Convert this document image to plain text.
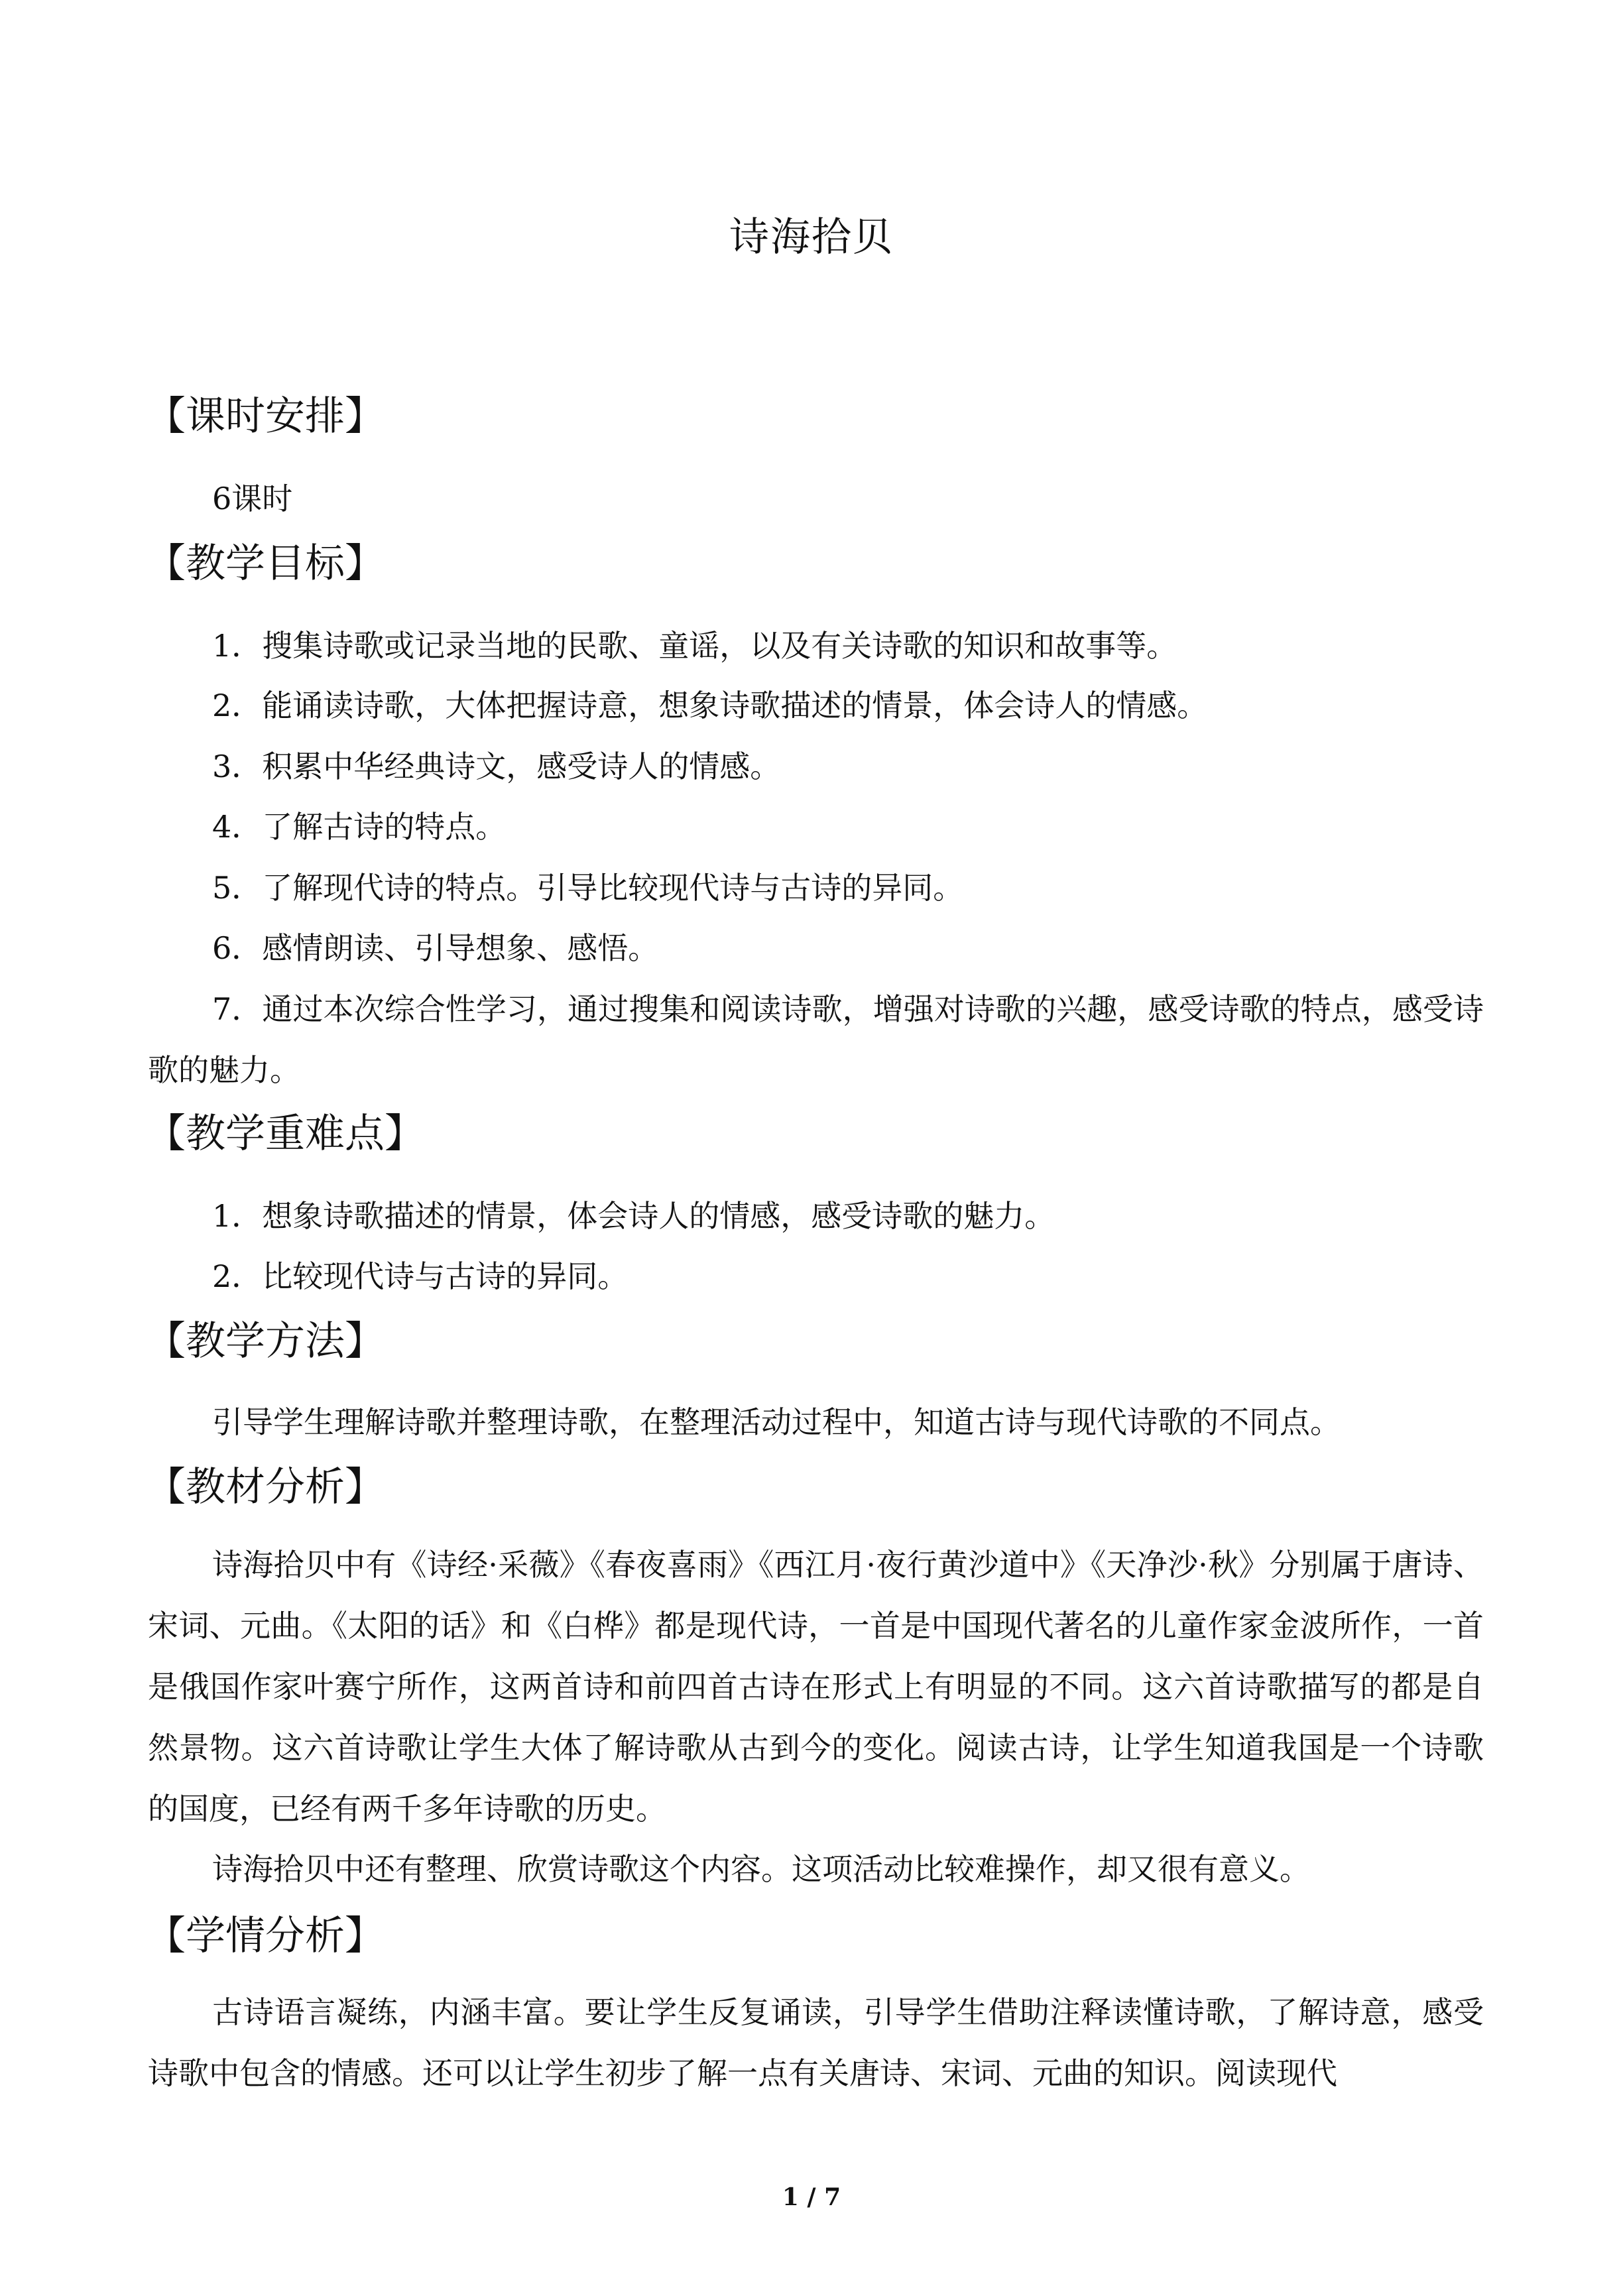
诗海拾贝
【课时安排】
6课时
【教学目标】
1．搜集诗歌或记录当地的民歌、童谣，以及有关诗歌的知识和故事等。
2．能诵读诗歌，大体把握诗意，想象诗歌描述的情景，体会诗人的情感。
3．积累中华经典诗文，感受诗人的情感。
4．了解古诗的特点。
5．了解现代诗的特点。引导比较现代诗与古诗的异同。
6．感情朗读、引导想象、感悟。
7．通过本次综合性学习，通过搜集和阅读诗歌，增强对诗歌的兴趣，感受诗歌的特点，感受诗歌的魅力。
【教学重难点】
1．想象诗歌描述的情景，体会诗人的情感，感受诗歌的魅力。
2．比较现代诗与古诗的异同。
【教学方法】
引导学生理解诗歌并整理诗歌，在整理活动过程中，知道古诗与现代诗歌的不同点。
【教材分析】
诗海拾贝中有《诗经·采薇》《春夜喜雨》《西江月·夜行黄沙道中》《天净沙·秋》分别属于唐诗、宋词、元曲。《太阳的话》和《白桦》都是现代诗，一首是中国现代著名的儿童作家金波所作，一首是俄国作家叶赛宁所作，这两首诗和前四首古诗在形式上有明显的不同。这六首诗歌描写的都是自然景物。这六首诗歌让学生大体了解诗歌从古到今的变化。阅读古诗，让学生知道我国是一个诗歌的国度，已经有两千多年诗歌的历史。
诗海拾贝中还有整理、欣赏诗歌这个内容。这项活动比较难操作，却又很有意义。
【学情分析】
古诗语言凝练，内涵丰富。要让学生反复诵读，引导学生借助注释读懂诗歌，了解诗意，感受诗歌中包含的情感。还可以让学生初步了解一点有关唐诗、宋词、元曲的知识。阅读现代
1 / 7
